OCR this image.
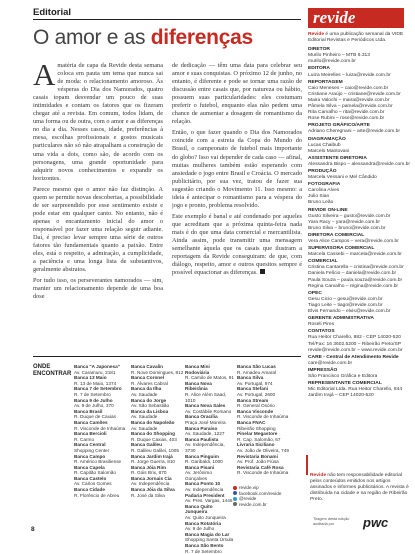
Editorial
O amor e as diferenças

Amatéria de capa da Revide desta semana coloca em pauta um tema que nunca sai de moda: o relacionamento amoroso. Às vésperas do Dia dos Namorados, quatro casais topam desvendar um pouco de suas intimidades e contam os fatores que os fizeram chegar até a revista. Em comum, todos lidam, de uma forma ou de outra, com o amor e as diferenças no dia a dia. Nesses casos, idade, preferências à mesa, escolhas profissionais e gostos musicais particulares não só não atrapalham a construção de uma vida a dois, como são, de acordo com os personagens, uma grande oportunidade para adquirir novos conhecimentos e expandir os horizontes.

Parece mesmo que o amor não faz distinção. A quem se permite novas descobertas, a possibilidade de ser surpreendido por esse sentimento existe e pode estar em qualquer canto. No entanto, não é apenas o encantamento inicial do amor o responsável por fazer uma relação seguir adiante. Daí, é preciso levar sempre uma série de outros fatores tão fundamentais quanto a paixão. Entre eles, está o respeito, a admiração, a cumplicidade, a paciência e uma longa lista de substantivos, geralmente abstratos.

Por tudo isso, os perseverantes namorados — sim, manter um relacionamento depende de uma boa dose

de dedicação — têm uma data para celebrar seu amor e suas conquistas. O próximo 12 de junho, no entanto, é diferente e pode se tornar uma razão de discussão entre casais que, por natureza ou hábito, possuem suas particularidades: eles costumam preferir o futebol, enquanto elas não pedem uma chance de aumentar a dosagem de romantismo da relação.

Então, o que fazer quando o Dia dos Namorados coincide com a estreia da Copa do Mundo do Brasil, o campeonato de futebol mais importante do globo? Isso vai depender de cada caso — afinal, muitas mulheres também estão esperando com ansiedade o jogo entre Brasil e Croácia. O mercado publicitário, por sua vez, tratou de fazer sua sugestão criando o Movimento 11. Isso mesmo: a ideia é antecipar o romantismo para a véspera do jogo e pronto, problema resolvido.

Este exemplo é banal e até condenado por aqueles que acreditam que a próxima quinta-feira nada mais é do que uma data comercial e mercantilista. Ainda assim, pode transmitir uma mensagem semelhante àquela que os casais que ilustram a reportagem da Revide conseguiram: de que, com diálogo, respeito, amor e outros quesitos sempre é possível equacionar as diferenças.

ONDE ENCONTRAR
Banca "A Japonesa"
Av. Caramuru, 2181
Banca 13 Maio
R. 13 de Maio, 1374
Banca 7 de Setembro
R. 7 de Setembro
Banca 9 de Julho
Av. 9 de Julho, 370
Banca Brasil
R. Duque de Caxias
Banca Camões
R. Visconde de Inhaúma
Banca Bercioli
R. Carmo
Banca Central
Shopping Center
Banca Campo
R. Américo Brasiliense
Banca Capela
R. Capitão Salomão
Banca Castelo
Av. Carlos Gomes
Banca Cidade
R. Florêncio de Abreu
Banca Cavalin
R. Nove Domingues, 812
Banca Coronel
R. Álvares Cabral
Banca da Ilha
Av. Saudade
Banca do Jorge
Av. São Sebastião
Banca da Lisboa
Av. Saudade
Banca do Napoleão
Av. Saudade
Banca do Shopping
R. Duque Caxias, 403
Banca Galileu
R. Galileu Galilei, 1005
Banca Jardim Irajá
R. Jorge Guerra, 810
Banca Jóia Rim
R. Góis Brix, 870
Banca Jornais Cia
Av. Independência
Banca Jóia da Silva
R. José da Silva
Banca Mini Rodoviária
R. Camilo de Matos, 91
Banca Nova Ribeirânia
R. Alice Além Saad, 1010
Banca Nova Sales
Av. Costábile Romano
Banca Oracília
Praça José Moreira
Banca Paraíso
Av. Saudade, 1227
Banca Paulista
Av. Independência, 3730
Banca Pinguim
R. Garibaldi, 1000
Banca Pisani
Av. Jerônimo Gonçalves
Banca Ponto 10
Av. Independência
Padaria President
Av. Pres. Vargas, 1446
Banca Quito Junqueira
Av. Quito Junqueira
Banca Rotatória
Av. 9 de Julho
Banca Magia do Lar
Shopping Santa Úrsula
Banca São Bento
R. 7 de Setembro
Banca São Lucas
R. Amadeu Amaral
Banca Silva
Av. Portugal, 974
Banca Stefani
Av. Portugal, 2600
Banca Stream
R. General Osório
Banca Visconde
R. Visconde de Inhaúma
Banca FNAC
Ribeirão Shopping
Pinelar Megastore
R. Cap. Salomão, 67
Livraria Siciliano
Av. João de Oliveira, 749
Revistaria Bonami
Av. Prof. João Fiúsa
Revistaria Café Rosa
R. Visconde de Inhaúma
revide.vip
facebook.com/revide
@revide
revide.com.br
8
revide
Revide é uma publicação semanal da VIDE Editorial Revistas e Periódicos Ltda.
DIRETOR
Murilo Pinheiro – MTB 6.313
murilo@revide.com.br
EDITORA
Luiza Meirelles – luiza@revide.com.br
REPORTAGEM
Caio Meneses – caio@revide.com.br
Cristiane Araújo – cristiane@revide.com.br
Maira Valochi – maira@revide.com.br
Pâmela Silva – pamela@revide.com.br
Rita Carvalho – rita@revide.com.br
Rose Rubini – rose@revide.com.br
PROJETO GRÁFICO/ARTE
Adriano Cheregnani – arte@revide.com.br
DIAGRAMAÇÃO
Lucas Chaibub
Marcelo Mantovani
ASSISTENTE DIRETORIA
Alessandra Bispo – alessandra@revide.com.br
PRODUÇÃO
Marcela Vessani e Mel Cândido
FOTOGRAFIA
Carolina Alves
Julio Sian
Bruno Leão
REVIDE ON-LINE
Gusto Silveira – gusto@revide.com.br
Yara Racy – yara@revide.com.br
Bruno Silva – bruno@revide.com.br
DIRETORA COMERCIAL
Vera Alice Campos – vera@revide.com.br
SUPERVISORA COMERCIAL
Marcela Cassebi – marcela@revide.com.br
COMERCIAL
Cristina Cantarella – cristina@revide.com.br
Daniela Felício – daniela@revide.com.br
Paula Souza – paula.souza@revide.com.br
Regina Carvalho – regina@revide.com.br
OPEC
Gesu Cicio – gesu@revide.com.br
Tiago Leite – tiago@revide.com.br
Elvis Fernando – elvis@revide.com.br
GERENTE ADMINISTRATIVA
Roseli Pires
CONTATOS
Rua Heitor Charello, 882 - CEP 14020-520
Tel/Fax: 16 3602.5200 – Ribeirão Preto/SP
revide@revide.com.br – www.revide.com.br
CARE - Central de Atendimento Revide
care@revide.com.br
IMPRESSÃO
São Francisco Gráfica e Editora
REPRESENTANTE COMERCIAL
Mic Editorial Ltda. Rua Heitor Charello, 844
Jardim Irajá – CEP 14020-520
Revide não tem responsabilidade editorial pelos conteúdos emitidos nos artigos assinados e informes publicitários. A revista é distribuída na cidade e na região de Ribeirão Preto.
Tiragem desta edição auditada por	pwc
